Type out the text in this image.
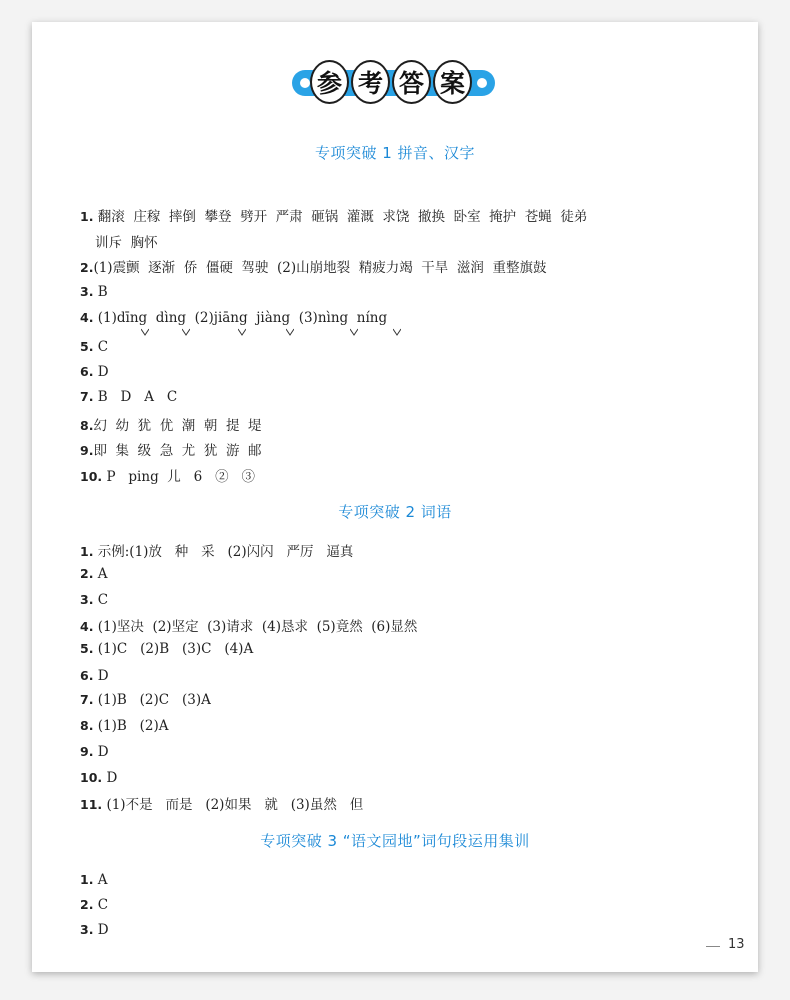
参 考 答 案
专项突破 1 拼音、汉字
1. 翻滚  庄稼  摔倒  攀登  劈开  严肃  砸锅  灌溉  求饶  撤换  卧室  掩护  苍蝇  徒弟
训斥  胸怀
2.(1)震颤  逐渐  侨  僵硬  驾驶  (2)山崩地裂  精疲力竭  干旱  滋润  重整旗鼓
3. B
4. (1)dīng  dìng  (2)jiāng  jiàng  (3)nìng  níng
5. C
6. D
7. B   D   A   C
8.幻  幼  犹  优  潮  朝  提  堤
9.即  集  级  急  尤  犹  游  邮
10. P   ping  儿   6   ②   ③
专项突破 2 词语
1. 示例:(1)放   种   采   (2)闪闪   严厉   逼真
2. A
3. C
4. (1)坚决  (2)坚定  (3)请求  (4)恳求  (5)竟然  (6)显然
5. (1)C   (2)B   (3)C   (4)A
6. D
7. (1)B   (2)C   (3)A
8. (1)B   (2)A
9. D
10. D
11. (1)不是   而是   (2)如果   就   (3)虽然   但
专项突破 3 “语文园地”词句段运用集训
1. A
2. C
3. D
13
